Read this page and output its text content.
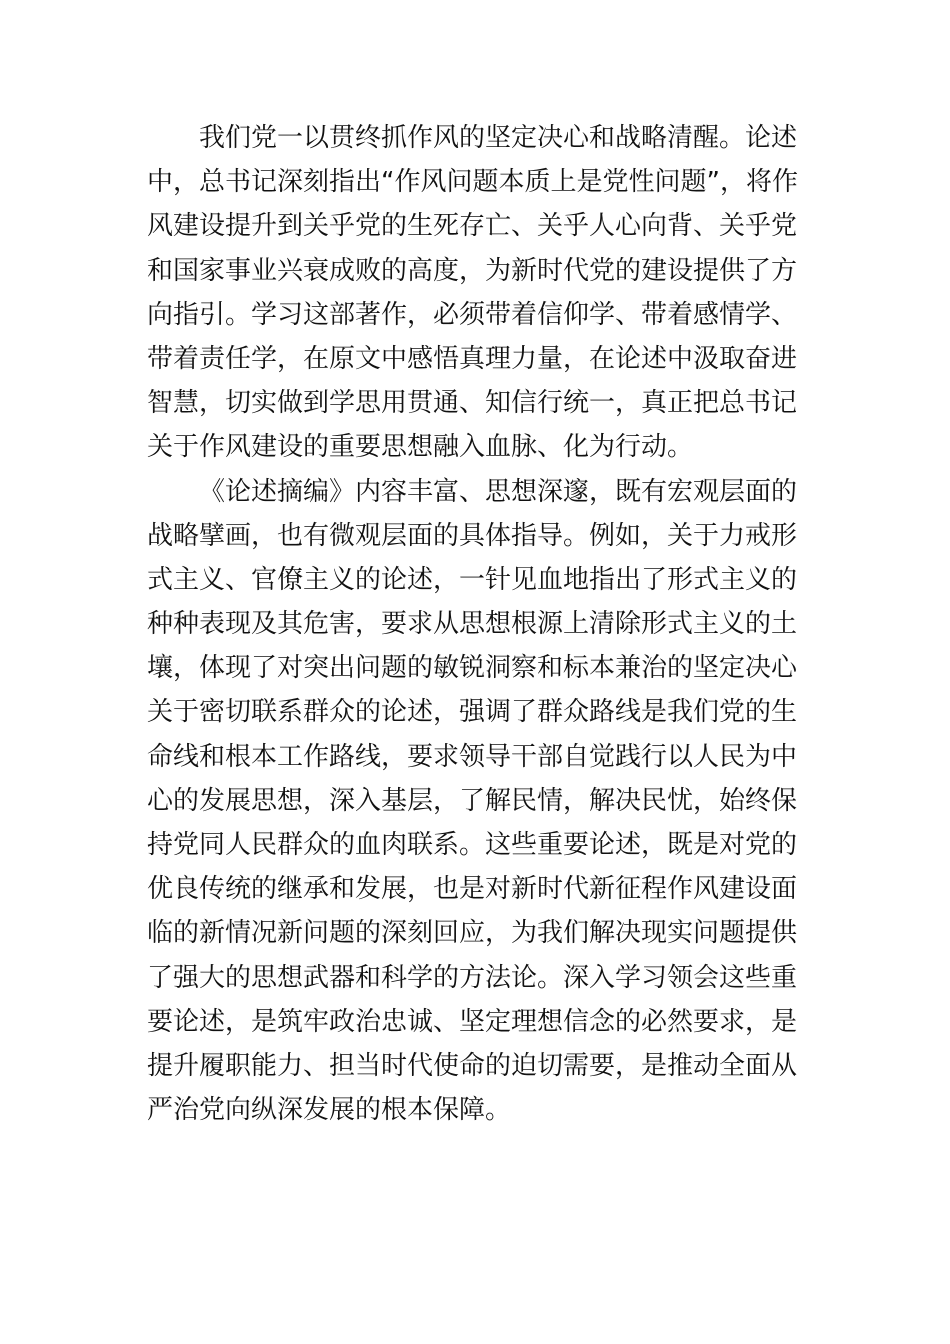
我们党一以贯终抓作风的坚定决心和战略清醒。论述
中，总书记深刻指出“作风问题本质上是党性问题”，将作
风建设提升到关乎党的生死存亡、关乎人心向背、关乎党
和国家事业兴衰成败的高度，为新时代党的建设提供了方
向指引。学习这部著作，必须带着信仰学、带着感情学、
带着责任学，在原文中感悟真理力量，在论述中汲取奋进
智慧，切实做到学思用贯通、知信行统一，真正把总书记
关于作风建设的重要思想融入血脉、化为行动。
《论述摘编》内容丰富、思想深邃，既有宏观层面的
战略擘画，也有微观层面的具体指导。例如，关于力戒形
式主义、官僚主义的论述，一针见血地指出了形式主义的
种种表现及其危害，要求从思想根源上清除形式主义的土
壤，体现了对突出问题的敏锐洞察和标本兼治的坚定决心
关于密切联系群众的论述，强调了群众路线是我们党的生
命线和根本工作路线，要求领导干部自觉践行以人民为中
心的发展思想，深入基层，了解民情，解决民忧，始终保
持党同人民群众的血肉联系。这些重要论述，既是对党的
优良传统的继承和发展，也是对新时代新征程作风建设面
临的新情况新问题的深刻回应，为我们解决现实问题提供
了强大的思想武器和科学的方法论。深入学习领会这些重
要论述，是筑牢政治忠诚、坚定理想信念的必然要求，是
提升履职能力、担当时代使命的迫切需要，是推动全面从
严治党向纵深发展的根本保障。
